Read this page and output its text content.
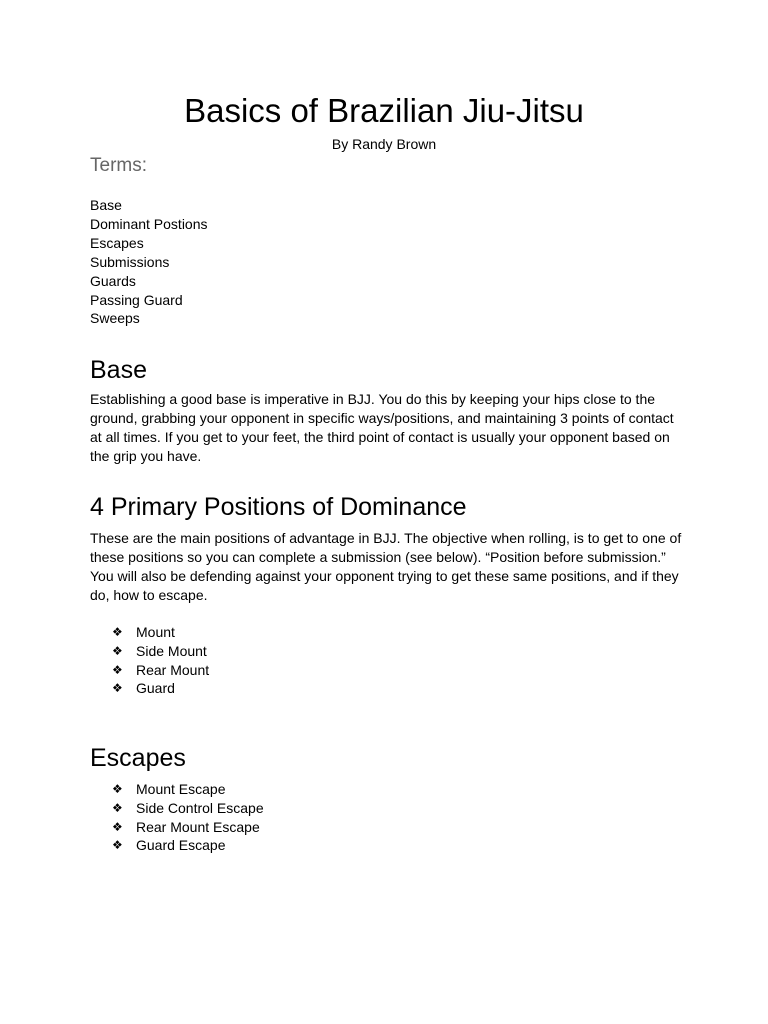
Basics of Brazilian Jiu-Jitsu
By Randy Brown
Terms:
Base
Dominant Postions
Escapes
Submissions
Guards
Passing Guard
Sweeps
Base

Establishing a good base is imperative in BJJ. You do this by keeping your hips close to the ground, grabbing your opponent in specific ways/positions, and maintaining 3 points of contact at all times. If you get to your feet, the third point of contact is usually your opponent based on the grip you have.

4 Primary Positions of Dominance

These are the main positions of advantage in BJJ. The objective when rolling, is to get to one of these positions so you can complete a submission (see below). “Position before submission.” You will also be defending against your opponent trying to get these same positions, and if they do, how to escape.

❖ Mount
❖ Side Mount
❖ Rear Mount
❖ Guard
Escapes
❖ Mount Escape
❖ Side Control Escape
❖ Rear Mount Escape
❖ Guard Escape
